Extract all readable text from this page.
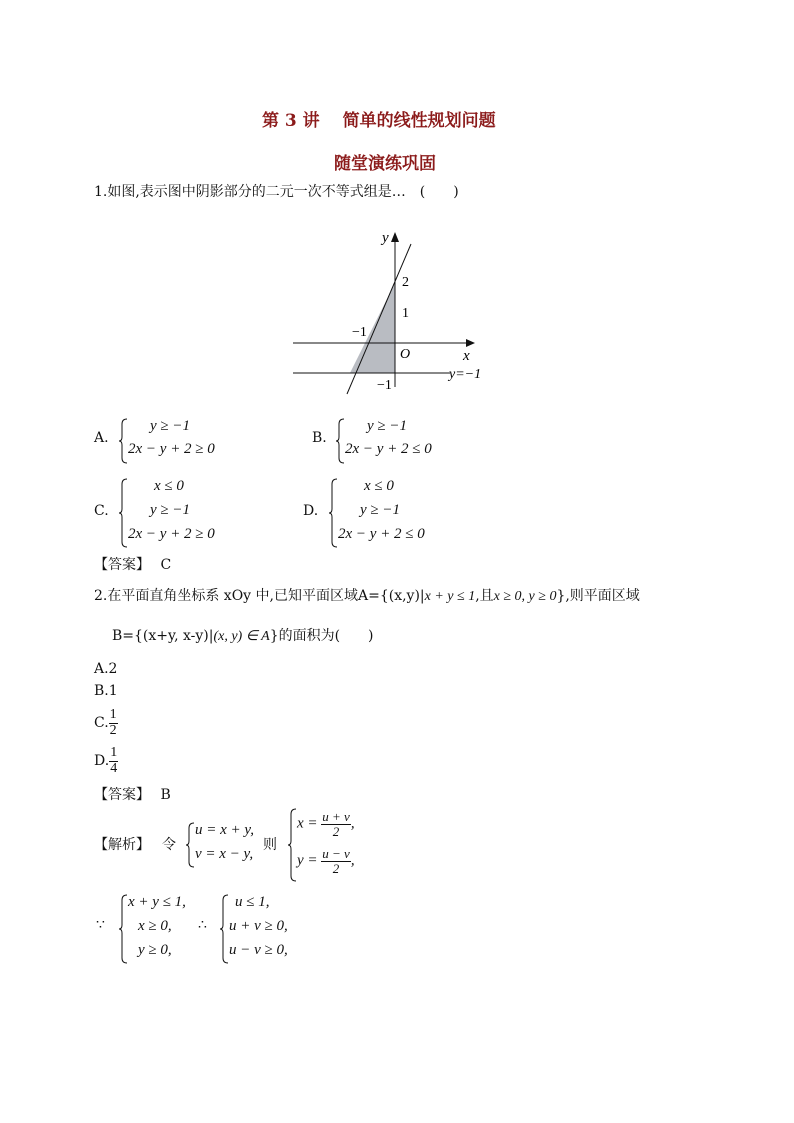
第 3 讲　 简单的线性规划问题
随堂演练巩固
1.如图,表示图中阴影部分的二元一次不等式组是…　(　　)
y
2
1
−1
O	x
−1
y=−1
A.
y ≥ −1
2x − y + 2 ≥ 0
B.
y ≥ −1
2x − y + 2 ≤ 0
C.
x ≤ 0
y ≥ −1
2x − y + 2 ≥ 0
D.
x ≤ 0
y ≥ −1
2x − y + 2 ≤ 0
【答案】 C
2.在平面直角坐标系 xOy 中,已知平面区域A={(x,y)|x + y ≤ 1,且x ≥ 0, y ≥ 0},则平面区域
B={(x+y, x-y)|(x, y) ∈ A}的面积为(　　)
A.2
B.1
C. $\frac{1}{2}$
D. $\frac{1}{4}$
【答案】 B
【解析】 令
u = x + y,
v = x − y,
则
$x = \frac{u + v}{2}$ ,
$y = \frac{u - v}{2}$ ,
∵
x + y ≤ 1,
x ≥ 0,
y ≥ 0,
∴
u ≤ 1,
u + v ≥ 0,
u − v ≥ 0,
